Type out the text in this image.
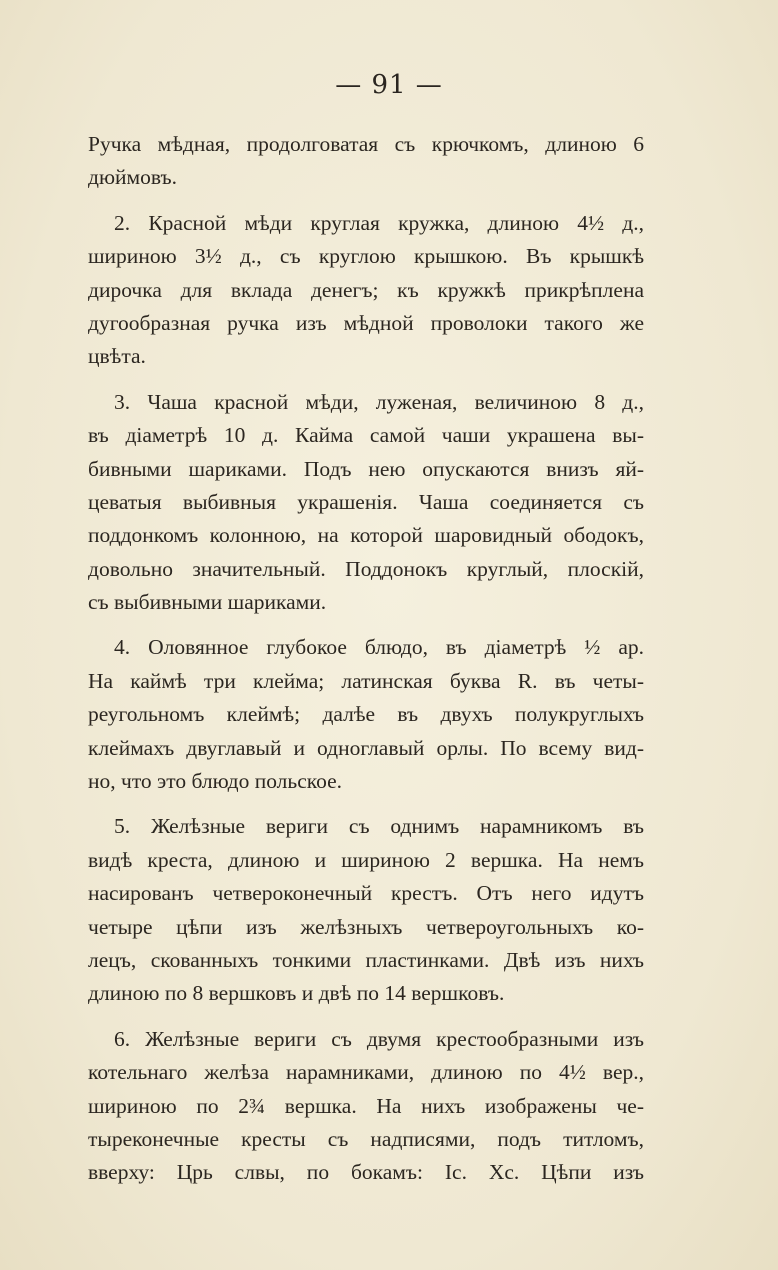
— 91 —
Ручка мѣдная, продолговатая съ крючкомъ, длиною 6
дюймовъ.
2. Красной мѣди круглая кружка, длиною 4½ д.,
шириною 3½ д., съ круглою крышкою. Въ крышкѣ
дирочка для вклада денегъ; къ кружкѣ прикрѣплена
дугообразная ручка изъ мѣдной проволоки такого же
цвѣта.
3. Чаша красной мѣди, луженая, величиною 8 д.,
въ діаметрѣ 10 д. Кайма самой чаши украшена вы-
бивными шариками. Подъ нею опускаются внизъ яй-
цеватыя выбивныя украшенія. Чаша соединяется съ
поддонкомъ колонною, на которой шаровидный ободокъ,
довольно значительный. Поддонокъ круглый, плоскій,
съ выбивными шариками.
4. Оловянное глубокое блюдо, въ діаметрѣ ½ ар.
На каймѣ три клейма; латинская буква R. въ четы-
реугольномъ клеймѣ; далѣе въ двухъ полукруглыхъ
клеймахъ двуглавый и одноглавый орлы. По всему вид-
но, что это блюдо польское.
5. Желѣзные вериги съ однимъ нарамникомъ въ
видѣ креста, длиною и шириною 2 вершка. На немъ
насированъ четвероконечный крестъ. Отъ него идутъ
четыре цѣпи изъ желѣзныхъ четвероугольныхъ ко-
лецъ, скованныхъ тонкими пластинками. Двѣ изъ нихъ
длиною по 8 вершковъ и двѣ по 14 вершковъ.
6. Желѣзные вериги съ двумя крестообразными изъ
котельнаго желѣза нарамниками, длиною по 4½ вер.,
шириною по 2¾ вершка. На нихъ изображены че-
тыреконечные кресты съ надписями, подъ титломъ,
вверху: Црь слвы, по бокамъ: Іс. Хс. Цѣпи изъ
